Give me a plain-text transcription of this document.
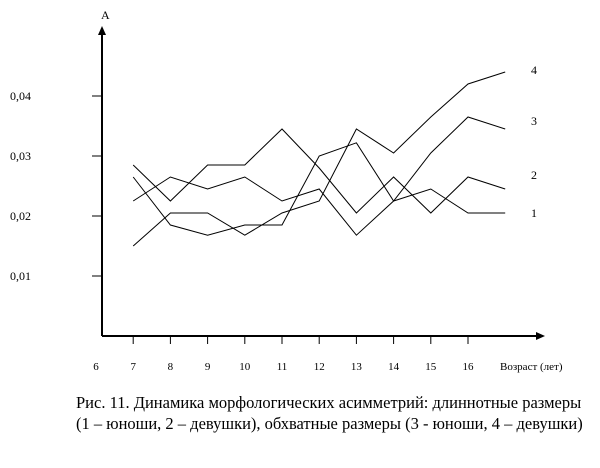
А
Возраст (лет)
0,01
0,02
0,03
0,04
6	7	8	9	10 11 12 13 14 15 16
1
2
3
4
Рис. 11. Динамика морфологических асимметрий: длиннотные размеры (1 – юноши, 2 – девушки), обхватные размеры (3 - юноши, 4 – девушки)
